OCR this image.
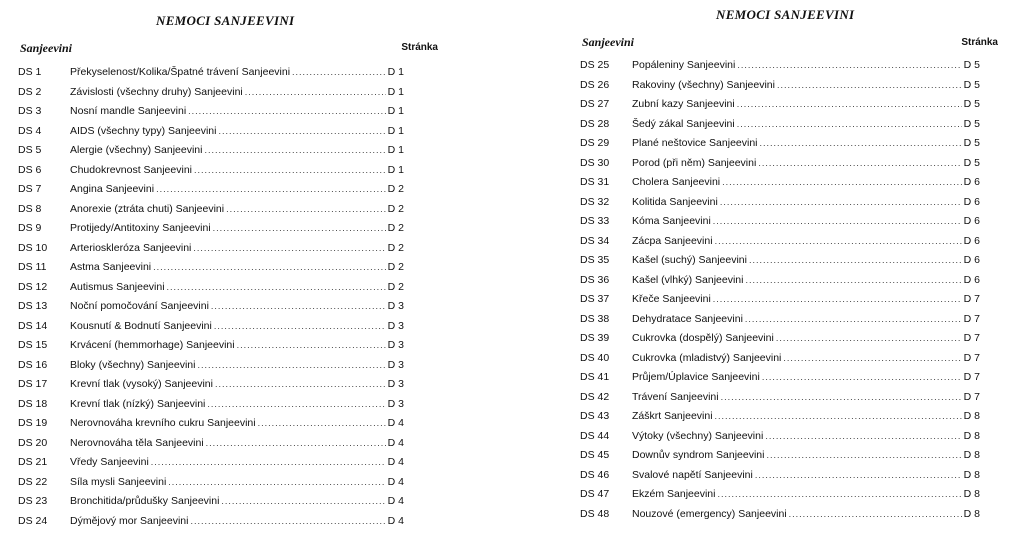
NEMOCI SANJEEVINI
Sanjeevini	Stránka
DS 1	Překyselenost/Kolika/Špatné trávení Sanjeevini .....	D 1
DS 2	Závislosti (všechny druhy) Sanjeevini .....	D 1
DS 3	Nosní mandle Sanjeevini .....	D 1
DS 4	AIDS (všechny typy) Sanjeevini .....	D 1
DS 5	Alergie (všechny) Sanjeevini .....	D 1
DS 6	Chudokrevnost Sanjeevini .....	D 1
DS 7	Angina Sanjeevini .....	D 2
DS 8	Anorexie (ztráta chuti) Sanjeevini .....	D 2
DS 9	Protijedy/Antitoxiny Sanjeevini .....	D 2
DS 10	Arterioskleróza Sanjeevini .....	D 2
DS 11	Astma Sanjeevini .....	D 2
DS 12	Autismus Sanjeevini .....	D 2
DS 13	Noční pomočování Sanjeevini .....	D 3
DS 14	Kousnutí & Bodnutí Sanjeevini .....	D 3
DS 15	Krvácení (hemmorhage) Sanjeevini .....	D 3
DS 16	Bloky (všechny) Sanjeevini .....	D 3
DS 17	Krevní tlak (vysoký) Sanjeevini .....	D 3
DS 18	Krevní tlak (nízký) Sanjeevini .....	D 3
DS 19	Nerovnováha krevního cukru Sanjeevini .....	D 4
DS 20	Nerovnováha těla Sanjeevini .....	D 4
DS 21	Vředy Sanjeevini .....	D 4
DS 22	Síla mysli Sanjeevini .....	D 4
DS 23	Bronchitida/průdušky Sanjeevini .....	D 4
DS 24	Dýmějový mor Sanjeevini .....	D 4
NEMOCI SANJEEVINI
Sanjeevini	Stránka
DS 25	Popáleniny Sanjeevini .....	D 5
DS 26	Rakoviny (všechny) Sanjeevini .....	D 5
DS 27	Zubní kazy Sanjeevini .....	D 5
DS 28	Šedý zákal Sanjeevini .....	D 5
DS 29	Plané neštovice Sanjeevini .....	D 5
DS 30	Porod (při něm) Sanjeevini .....	D 5
DS 31	Cholera Sanjeevini .....	D 6
DS 32	Kolitida Sanjeevini .....	D 6
DS 33	Kóma Sanjeevini .....	D 6
DS 34	Zácpa Sanjeevini .....	D 6
DS 35	Kašel (suchý) Sanjeevini .....	D 6
DS 36	Kašel (vlhký) Sanjeevini .....	D 6
DS 37	Křeče Sanjeevini .....	D 7
DS 38	Dehydratace Sanjeevini .....	D 7
DS 39	Cukrovka (dospělý) Sanjeevini .....	D 7
DS 40	Cukrovka (mladistvý) Sanjeevini .....	D 7
DS 41	Průjem/Úplavice Sanjeevini .....	D 7
DS 42	Trávení Sanjeevini .....	D 7
DS 43	Záškrt Sanjeevini .....	D 8
DS 44	Výtoky (všechny) Sanjeevini .....	D 8
DS 45	Downův syndrom Sanjeevini .....	D 8
DS 46	Svalové napětí Sanjeevini .....	D 8
DS 47	Ekzém Sanjeevini .....	D 8
DS 48	Nouzové (emergency) Sanjeevini .....	D 8
